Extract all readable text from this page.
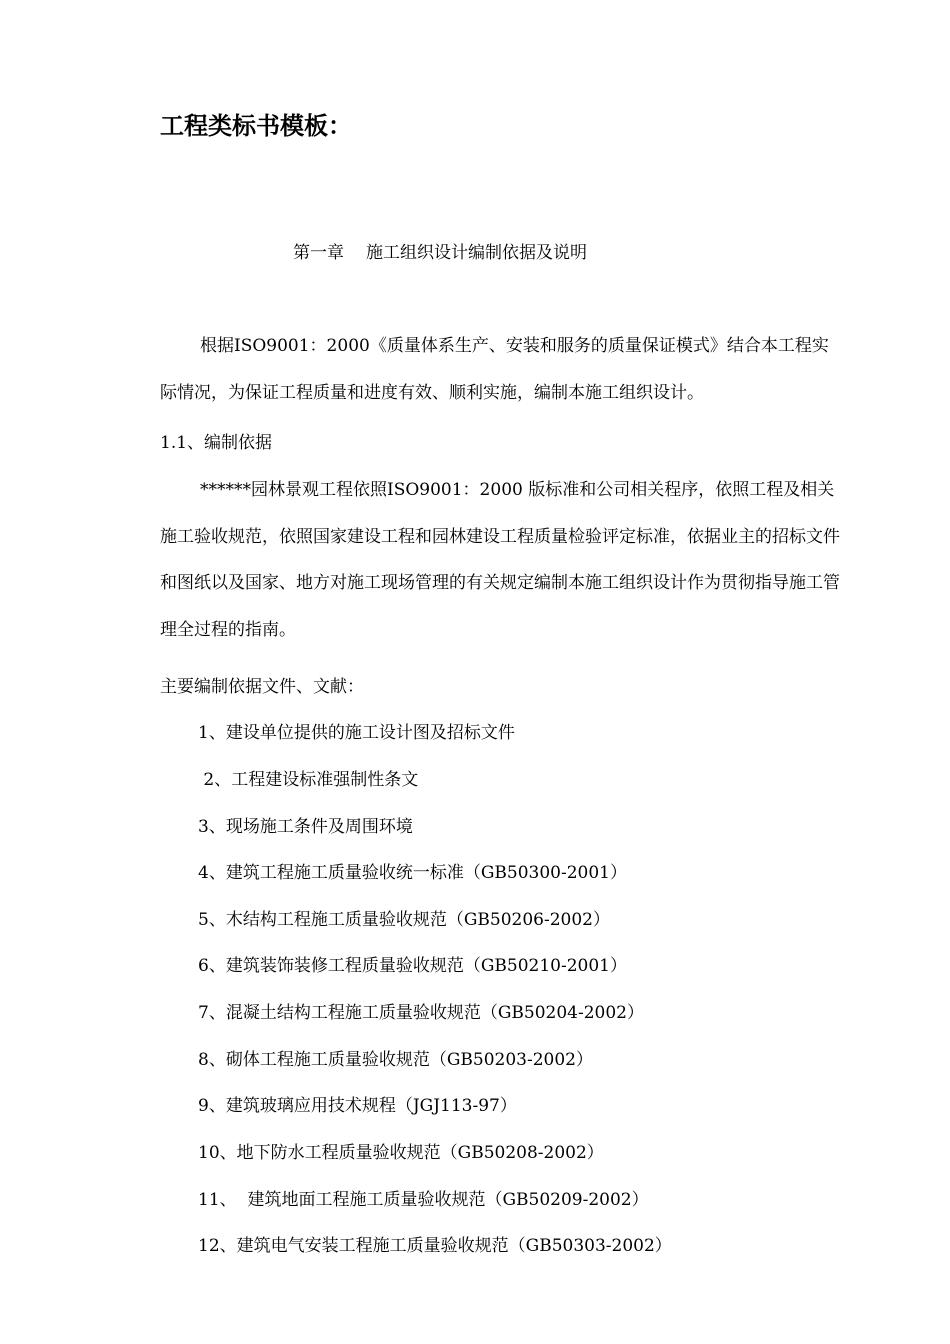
工程类标书模板：
第一章 施工组织设计编制依据及说明

根据ISO9001：2000《质量体系生产、安装和服务的质量保证模式》结合本工程实际情况，为保证工程质量和进度有效、顺利实施，编制本施工组织设计。

1.1、编制依据

******园林景观工程依照ISO9001：2000 版标准和公司相关程序，依照工程及相关施工验收规范，依照国家建设工程和园林建设工程质量检验评定标准，依据业主的招标文件和图纸以及国家、地方对施工现场管理的有关规定编制本施工组织设计作为贯彻指导施工管理全过程的指南。

主要编制依据文件、文献：
1、建设单位提供的施工设计图及招标文件
2、工程建设标准强制性条文
3、现场施工条件及周围环境
4、建筑工程施工质量验收统一标准（GB50300-2001）
5、木结构工程施工质量验收规范（GB50206-2002）
6、建筑装饰装修工程质量验收规范（GB50210-2001）
7、混凝土结构工程施工质量验收规范（GB50204-2002）
8、砌体工程施工质量验收规范（GB50203-2002）
9、建筑玻璃应用技术规程（JGJ113-97）
10、地下防水工程质量验收规范（GB50208-2002）
11、  建筑地面工程施工质量验收规范（GB50209-2002）
12、建筑电气安装工程施工质量验收规范（GB50303-2002）
